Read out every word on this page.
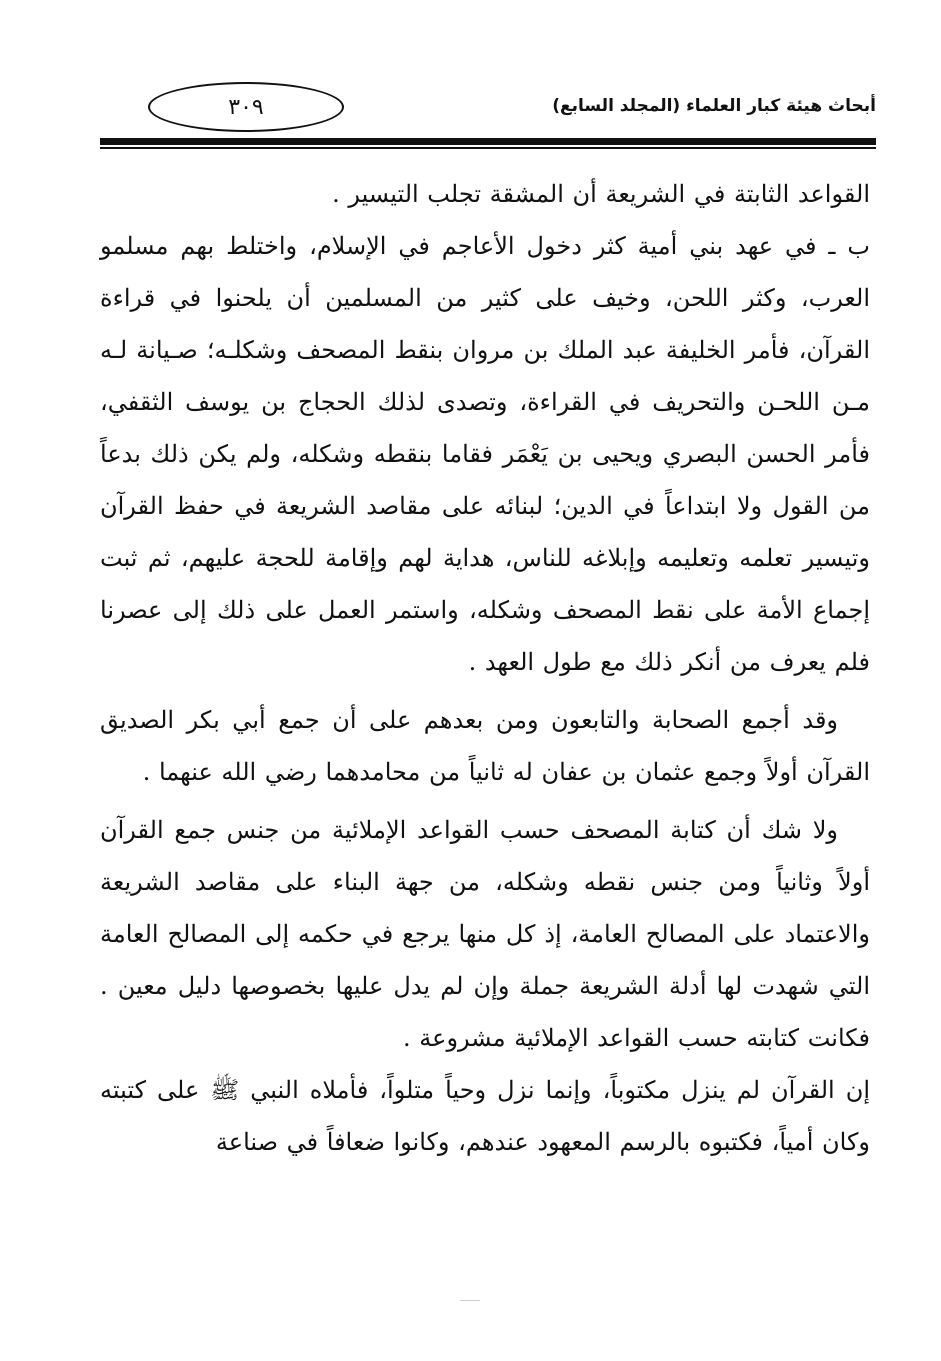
٣٠٩	أبحاث هيئة كبار العلماء (المجلد السابع)

القواعد الثابتة في الشريعة أن المشقة تجلب التيسير .

ب ـ في عهد بني أمية كثر دخول الأعاجم في الإسلام، واختلط بهم مسلمو العرب، وكثر اللحن، وخيف على كثير من المسلمين أن يلحنوا في قراءة القرآن، فأمر الخليفة عبد الملك بن مروان بنقط المصحف وشكلـه؛ صـيانة لـه مـن اللحـن والتحريف في القراءة، وتصدى لذلك الحجاج بن يوسف الثقفي، فأمر الحسن البصري ويحيى بن يَعْمَر فقاما بنقطه وشكله، ولم يكن ذلك بدعاً من القول ولا ابتداعاً في الدين؛ لبنائه على مقاصد الشريعة في حفظ القرآن وتيسير تعلمه وتعليمه وإبلاغه للناس، هداية لهم وإقامة للحجة عليهم، ثم ثبت إجماع الأمة على نقط المصحف وشكله، واستمر العمل على ذلك إلى عصرنا فلم يعرف من أنكر ذلك مع طول العهد .

وقد أجمع الصحابة والتابعون ومن بعدهم على أن جمع أبي بكر الصديق القرآن أولاً وجمع عثمان بن عفان له ثانياً من محامدهما رضي الله عنهما .

ولا شك أن كتابة المصحف حسب القواعد الإملائية من جنس جمع القرآن أولاً وثانياً ومن جنس نقطه وشكله، من جهة البناء على مقاصد الشريعة والاعتماد على المصالح العامة، إذ كل منها يرجع في حكمه إلى المصالح العامة التي شهدت لها أدلة الشريعة جملة وإن لم يدل عليها بخصوصها دليل معين . فكانت كتابته حسب القواعد الإملائية مشروعة .

إن القرآن لم ينزل مكتوباً، وإنما نزل وحياً متلواً، فأملاه النبي ﷺ على كتبته وكان أمياً، فكتبوه بالرسم المعهود عندهم، وكانوا ضعافاً في صناعة
